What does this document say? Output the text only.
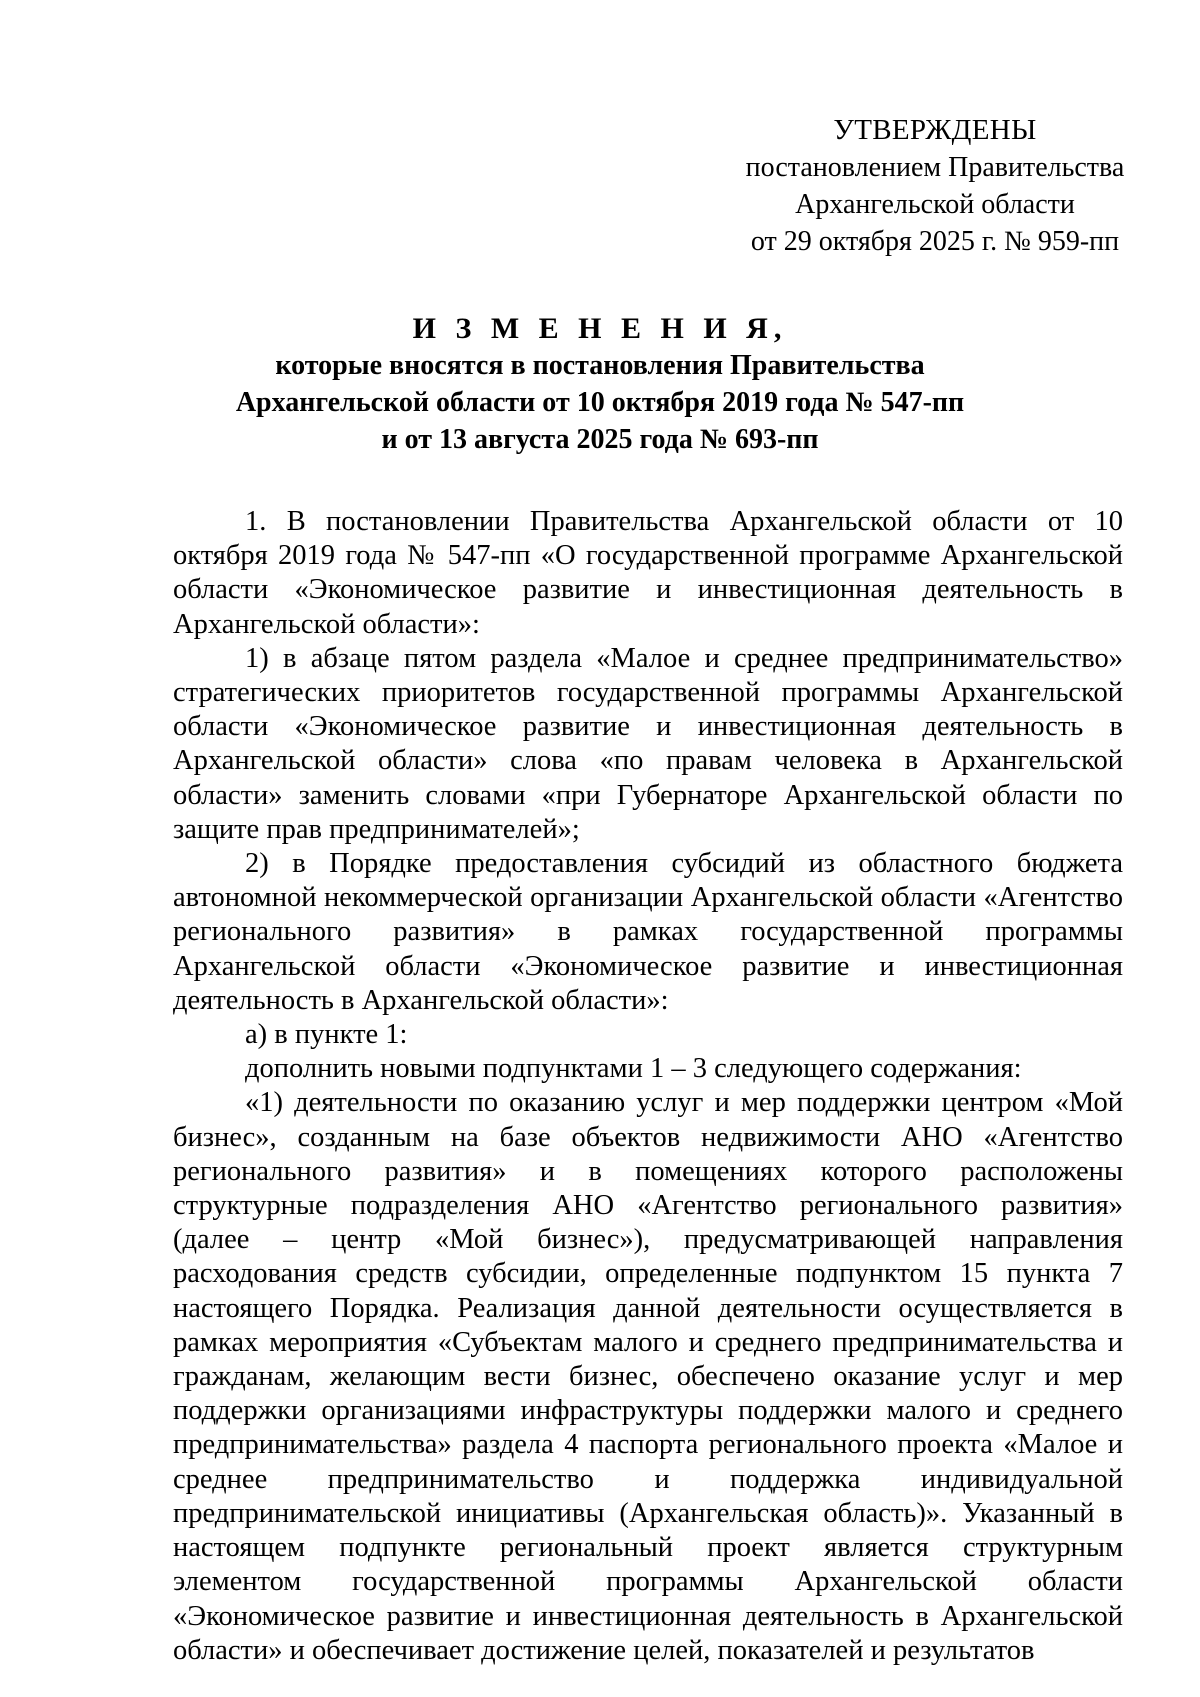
УТВЕРЖДЕНЫ
постановлением Правительства
Архангельской области
от 29 октября 2025 г. № 959-пп
И З М Е Н Е Н И Я,
которые вносятся в постановления Правительства
Архангельской области от 10 октября 2019 года № 547-пп
и от 13 августа 2025 года № 693-пп

1. В постановлении Правительства Архангельской области от 10 октября 2019 года № 547-пп «О государственной программе Архангельской области «Экономическое развитие и инвестиционная деятельность в Архангельской области»:

1) в абзаце пятом раздела «Малое и среднее предпринимательство» стратегических приоритетов государственной программы Архангельской области «Экономическое развитие и инвестиционная деятельность в Архангельской области» слова «по правам человека в Архангельской области» заменить словами «при Губернаторе Архангельской области по защите прав предпринимателей»;

2) в Порядке предоставления субсидий из областного бюджета автономной некоммерческой организации Архангельской области «Агентство регионального развития» в рамках государственной программы Архангельской области «Экономическое развитие и инвестиционная деятельность в Архангельской области»:

а) в пункте 1:

дополнить новыми подпунктами 1 – 3 следующего содержания:

«1) деятельности по оказанию услуг и мер поддержки центром «Мой бизнес», созданным на базе объектов недвижимости АНО «Агентство регионального развития» и в помещениях которого расположены структурные подразделения АНО «Агентство регионального развития» (далее – центр «Мой бизнес»), предусматривающей направления расходования средств субсидии, определенные подпунктом 15 пункта 7 настоящего Порядка. Реализация данной деятельности осуществляется в рамках мероприятия «Субъектам малого и среднего предпринимательства и гражданам, желающим вести бизнес, обеспечено оказание услуг и мер поддержки организациями инфраструктуры поддержки малого и среднего предпринимательства» раздела 4 паспорта регионального проекта «Малое и среднее предпринимательство и поддержка индивидуальной предпринимательской инициативы (Архангельская область)». Указанный в настоящем подпункте региональный проект является структурным элементом государственной программы Архангельской области «Экономическое развитие и инвестиционная деятельность в Архангельской области» и обеспечивает достижение целей, показателей и результатов
